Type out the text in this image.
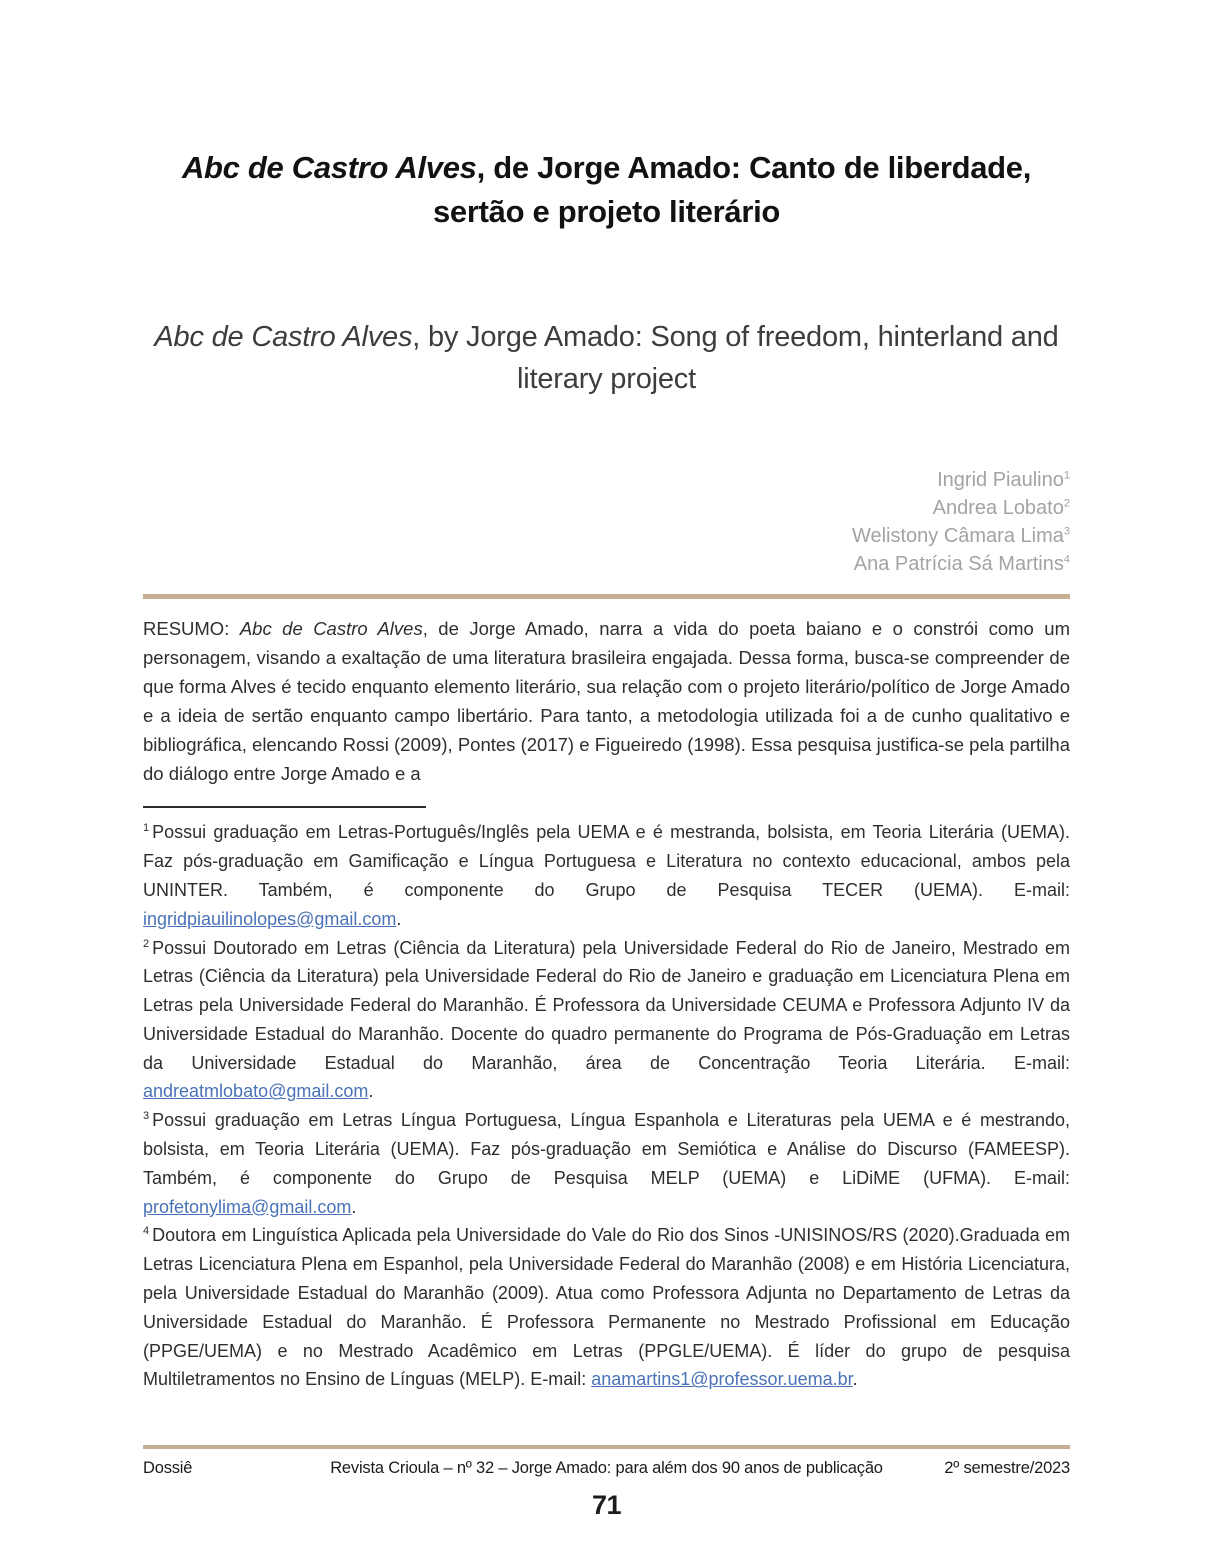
Abc de Castro Alves, de Jorge Amado: Canto de liberdade, sertão e projeto literário
Abc de Castro Alves, by Jorge Amado: Song of freedom, hinterland and literary project
Ingrid Piaulino$^1$
Andrea Lobato$^2$
Welistony Câmara Lima$^3$
Ana Patrícia Sá Martins$^4$

RESUMO: Abc de Castro Alves, de Jorge Amado, narra a vida do poeta baiano e o constrói como um personagem, visando a exaltação de uma literatura brasileira engajada. Dessa forma, busca-se compreender de que forma Alves é tecido enquanto elemento literário, sua relação com o projeto literário/político de Jorge Amado e a ideia de sertão enquanto campo libertário. Para tanto, a metodologia utilizada foi a de cunho qualitativo e bibliográfica, elencando Rossi (2009), Pontes (2017) e Figueiredo (1998). Essa pesquisa justifica-se pela partilha do diálogo entre Jorge Amado e a

$^1$ Possui graduação em Letras-Português/Inglês pela UEMA e é mestranda, bolsista, em Teoria Literária (UEMA). Faz pós-graduação em Gamificação e Língua Portuguesa e Literatura no contexto educacional, ambos pela UNINTER. Também, é componente do Grupo de Pesquisa TECER (UEMA). E-mail: ingridpiauilinolopes@gmail.com.

$^2$ Possui Doutorado em Letras (Ciência da Literatura) pela Universidade Federal do Rio de Janeiro, Mestrado em Letras (Ciência da Literatura) pela Universidade Federal do Rio de Janeiro e graduação em Licenciatura Plena em Letras pela Universidade Federal do Maranhão. É Professora da Universidade CEUMA e Professora Adjunto IV da Universidade Estadual do Maranhão. Docente do quadro permanente do Programa de Pós-Graduação em Letras da Universidade Estadual do Maranhão, área de Concentração Teoria Literária. E-mail: andreatmlobato@gmail.com.

$^3$ Possui graduação em Letras Língua Portuguesa, Língua Espanhola e Literaturas pela UEMA e é mestrando, bolsista, em Teoria Literária (UEMA). Faz pós-graduação em Semiótica e Análise do Discurso (FAMEESP). Também, é componente do Grupo de Pesquisa MELP (UEMA) e LiDiME (UFMA). E-mail: profetonylima@gmail.com.

$^4$ Doutora em Linguística Aplicada pela Universidade do Vale do Rio dos Sinos -UNISINOS/RS (2020).Graduada em Letras Licenciatura Plena em Espanhol, pela Universidade Federal do Maranhão (2008) e em História Licenciatura, pela Universidade Estadual do Maranhão (2009). Atua como Professora Adjunta no Departamento de Letras da Universidade Estadual do Maranhão. É Professora Permanente no Mestrado Profissional em Educação (PPGE/UEMA) e no Mestrado Acadêmico em Letras (PPGLE/UEMA). É líder do grupo de pesquisa Multiletramentos no Ensino de Línguas (MELP). E-mail: anamartins1@professor.uema.br.

Dossiê	Revista Crioula – nº 32 – Jorge Amado: para além dos 90 anos de publicação	2º semestre/2023
71
